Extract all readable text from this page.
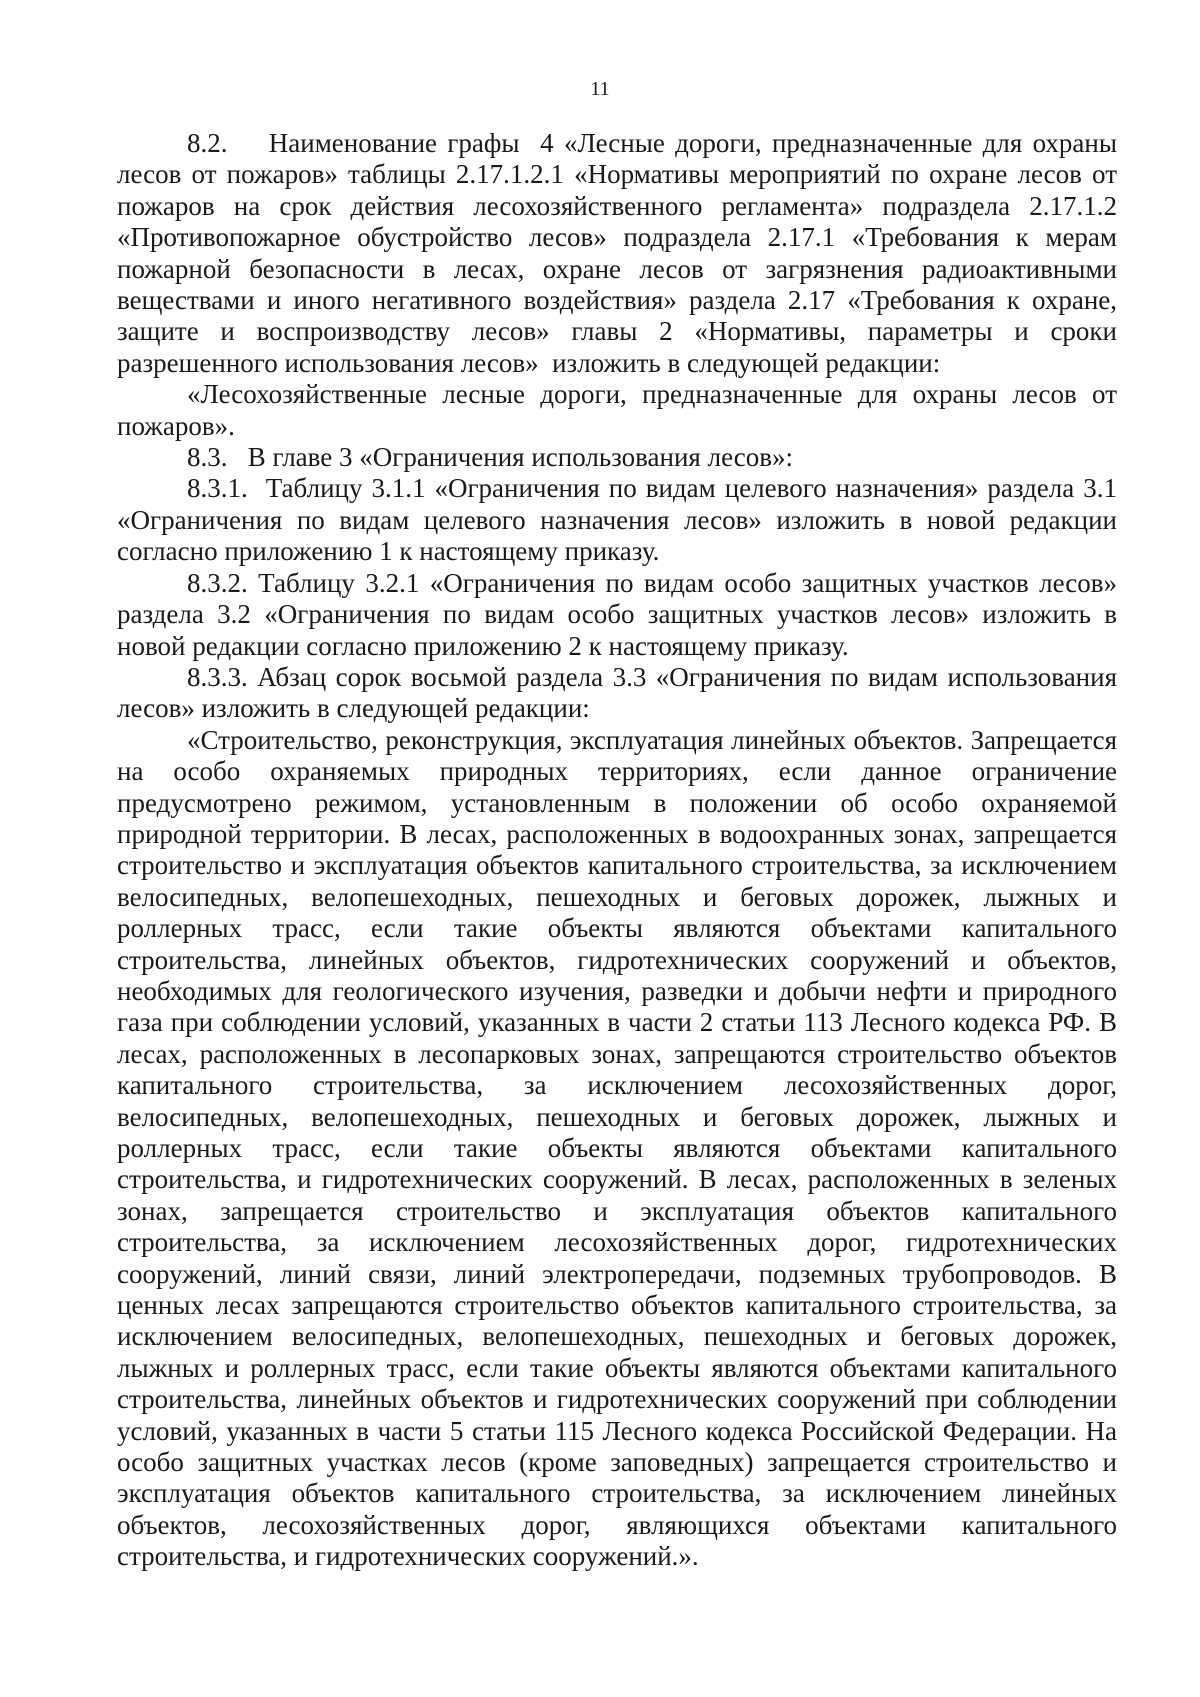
11

8.2.    Наименование графы  4 «Лесные дороги, предназначенные для охраны лесов от пожаров» таблицы 2.17.1.2.1 «Нормативы мероприятий по охране лесов от пожаров на срок действия лесохозяйственного регламента» подраздела 2.17.1.2 «Противопожарное обустройство лесов» подраздела 2.17.1 «Требования к мерам пожарной безопасности в лесах, охране лесов от загрязнения радиоактивными веществами и иного негативного воздействия» раздела 2.17 «Требования к охране, защите и воспроизводству лесов» главы 2 «Нормативы, параметры и сроки разрешенного использования лесов»  изложить в следующей редакции:

«Лесохозяйственные лесные дороги, предназначенные для охраны лесов от пожаров».

8.3.   В главе 3 «Ограничения использования лесов»:

8.3.1.  Таблицу 3.1.1 «Ограничения по видам целевого назначения» раздела 3.1 «Ограничения по видам целевого назначения лесов» изложить в новой редакции согласно приложению 1 к настоящему приказу.

8.3.2. Таблицу 3.2.1 «Ограничения по видам особо защитных участков лесов» раздела 3.2 «Ограничения по видам особо защитных участков лесов» изложить в новой редакции согласно приложению 2 к настоящему приказу.

8.3.3. Абзац сорок восьмой раздела 3.3 «Ограничения по видам использования лесов» изложить в следующей редакции:

«Строительство, реконструкция, эксплуатация линейных объектов. Запрещается на особо охраняемых природных территориях, если данное ограничение предусмотрено режимом, установленным в положении об особо охраняемой природной территории. В лесах, расположенных в водоохранных зонах, запрещается строительство и эксплуатация объектов капитального строительства, за исключением велосипедных, велопешеходных, пешеходных и беговых дорожек, лыжных и роллерных трасс, если такие объекты являются объектами капитального строительства, линейных объектов, гидротехнических сооружений и объектов, необходимых для геологического изучения, разведки и добычи нефти и природного газа при соблюдении условий, указанных в части 2 статьи 113 Лесного кодекса РФ. В лесах, расположенных в лесопарковых зонах, запрещаются строительство объектов капитального строительства, за исключением лесохозяйственных дорог, велосипедных, велопешеходных, пешеходных и беговых дорожек, лыжных и роллерных трасс, если такие объекты являются объектами капитального строительства, и гидротехнических сооружений. В лесах, расположенных в зеленых зонах, запрещается строительство и эксплуатация объектов капитального строительства, за исключением лесохозяйственных дорог, гидротехнических сооружений, линий связи, линий электропередачи, подземных трубопроводов. В ценных лесах запрещаются строительство объектов капитального строительства, за исключением велосипедных, велопешеходных, пешеходных и беговых дорожек, лыжных и роллерных трасс, если такие объекты являются объектами капитального строительства, линейных объектов и гидротехнических сооружений при соблюдении условий, указанных в части 5 статьи 115 Лесного кодекса Российской Федерации. На особо защитных участках лесов (кроме заповедных) запрещается строительство и эксплуатация объектов капитального строительства, за исключением линейных объектов, лесохозяйственных дорог, являющихся объектами капитального строительства, и гидротехнических сооружений.».
